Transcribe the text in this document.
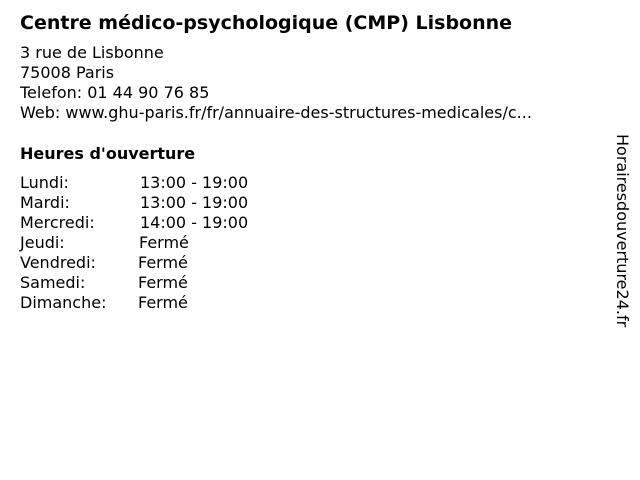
Centre médico-psychologique (CMP) Lisbonne
3 rue de Lisbonne
75008 Paris
Telefon: 01 44 90 76 85
Web: www.ghu-paris.fr/fr/annuaire-des-structures-medicales/c...
Heures d'ouverture
Lundi:	13:00 - 19:00
Mardi:	13:00 - 19:00
Mercredi:	14:00 - 19:00
Jeudi:	Fermé
Vendredi:	Fermé
Samedi:	Fermé
Dimanche: Fermé	Horairesdouverture24.fr
